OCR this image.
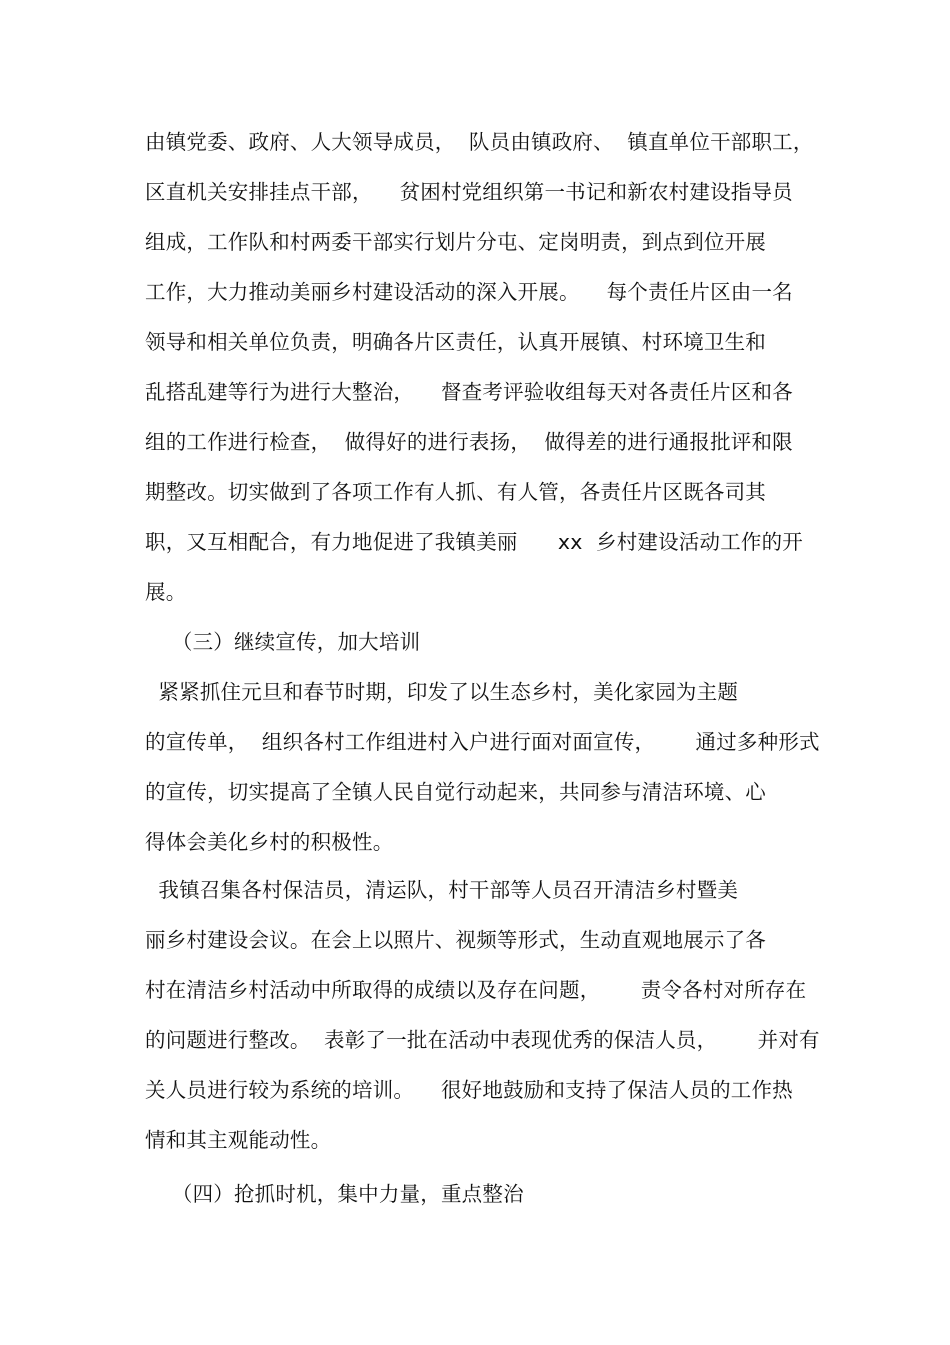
由镇党委、政府、人大领导成员，  队员由镇政府、  镇直单位干部职工，
区直机关安排挂点干部，    贫困村党组织第一书记和新农村建设指导员
组成，工作队和村两委干部实行划片分屯、定岗明责，到点到位开展
工作，大力推动美丽乡村建设活动的深入开展。    每个责任片区由一名
领导和相关单位负责，明确各片区责任，认真开展镇、村环境卫生和
乱搭乱建等行为进行大整治，    督查考评验收组每天对各责任片区和各
组的工作进行检查，  做得好的进行表扬，  做得差的进行通报批评和限
期整改。切实做到了各项工作有人抓、有人管，各责任片区既各司其
职，又互相配合，有力地促进了我镇美丽      xx  乡村建设活动工作的开
展。
（三）继续宣传，加大培训
紧紧抓住元旦和春节时期，印发了以生态乡村，美化家园为主题
的宣传单，  组织各村工作组进村入户进行面对面宣传，      通过多种形式
的宣传，切实提高了全镇人民自觉行动起来，共同参与清洁环境、心
得体会美化乡村的积极性。
我镇召集各村保洁员，清运队，村干部等人员召开清洁乡村暨美
丽乡村建设会议。在会上以照片、视频等形式，生动直观地展示了各
村在清洁乡村活动中所取得的成绩以及存在问题，      责令各村对所存在
的问题进行整改。  表彰了一批在活动中表现优秀的保洁人员，      并对有
关人员进行较为系统的培训。    很好地鼓励和支持了保洁人员的工作热
情和其主观能动性。
（四）抢抓时机，集中力量，重点整治
